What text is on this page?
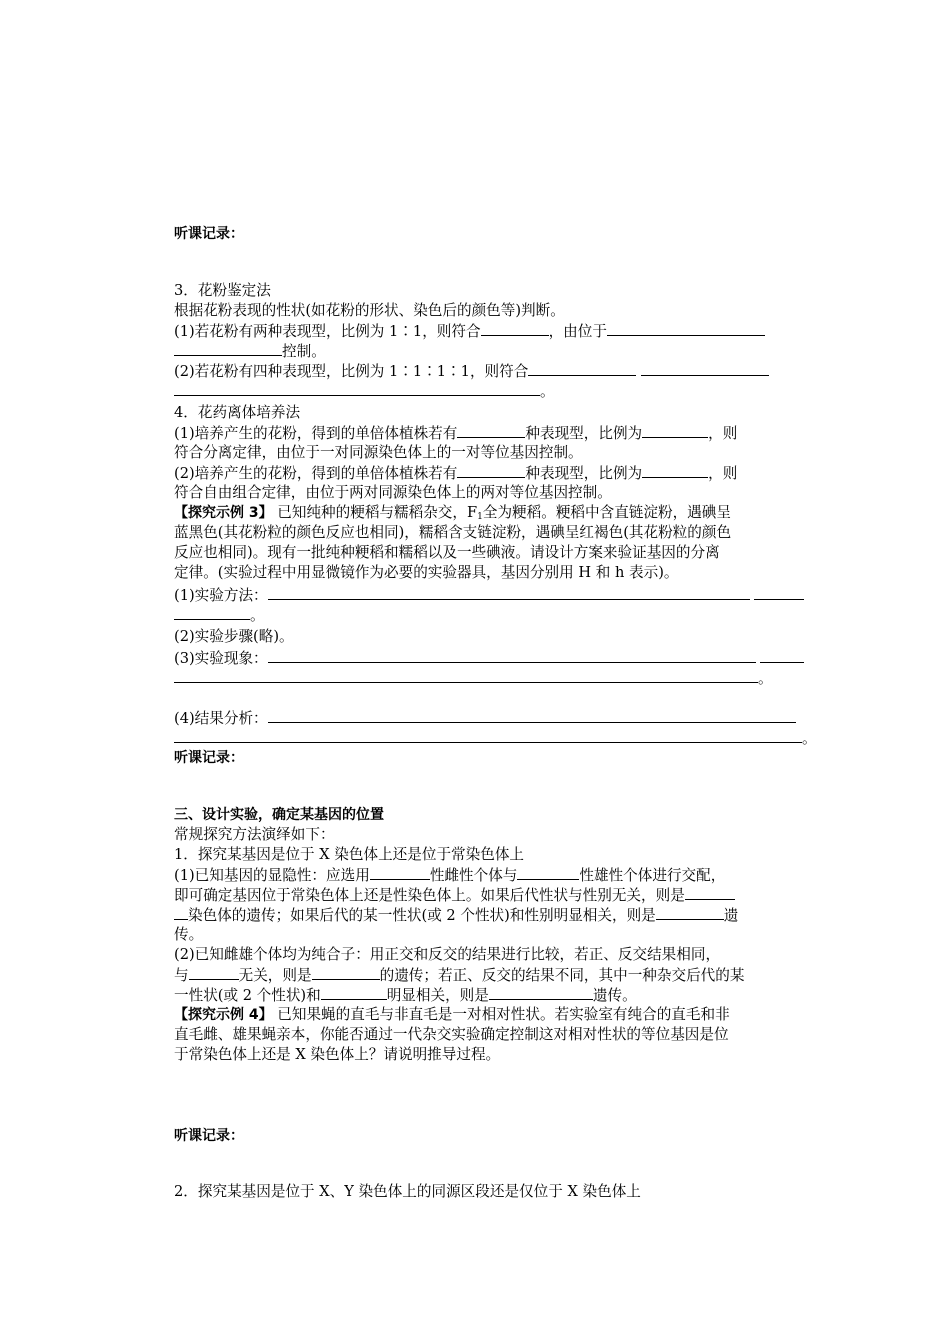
听课记录：
3．花粉鉴定法
根据花粉表现的性状(如花粉的形状、染色后的颜色等)判断。
(1)若花粉有两种表现型，比例为 1∶1，则符合	，由位于
控制。
(2)若花粉有四种表现型，比例为 1∶1∶1∶1，则符合
。
4．花药离体培养法
(1)培养产生的花粉，得到的单倍体植株若有	种表现型，比例为	，则
符合分离定律，由位于一对同源染色体上的一对等位基因控制。
(2)培养产生的花粉，得到的单倍体植株若有	种表现型，比例为	，则
符合自由组合定律，由位于两对同源染色体上的两对等位基因控制。
【探究示例 3】 已知纯种的粳稻与糯稻杂交，$F_1$全为粳稻。粳稻中含直链淀粉，遇碘呈
蓝黑色(其花粉粒的颜色反应也相同)，糯稻含支链淀粉，遇碘呈红褐色(其花粉粒的颜色
反应也相同)。现有一批纯种粳稻和糯稻以及一些碘液。请设计方案来验证基因的分离
定律。(实验过程中用显微镜作为必要的实验器具，基因分别用 H 和 h 表示)。
(1)实验方法：
。
(2)实验步骤(略)。
(3)实验现象：
。
(4)结果分析：
。
听课记录：
三、设计实验，确定某基因的位置
常规探究方法演绎如下：
1．探究某基因是位于 X 染色体上还是位于常染色体上
(1)已知基因的显隐性：应选用	性雌性个体与	性雄性个体进行交配，
即可确定基因位于常染色体上还是性染色体上。如果后代性状与性别无关，则是
染色体的遗传；如果后代的某一性状(或 2 个性状)和性别明显相关，则是	遗
传。
(2)已知雌雄个体均为纯合子：用正交和反交的结果进行比较，若正、反交结果相同，
与	无关，则是	的遗传；若正、反交的结果不同，其中一种杂交后代的某
一性状(或 2 个性状)和	明显相关，则是	遗传。
【探究示例 4】 已知果蝇的直毛与非直毛是一对相对性状。若实验室有纯合的直毛和非
直毛雌、雄果蝇亲本，你能否通过一代杂交实验确定控制这对相对性状的等位基因是位
于常染色体上还是 X 染色体上？请说明推导过程。
听课记录：
2．探究某基因是位于 X、Y 染色体上的同源区段还是仅位于 X 染色体上
